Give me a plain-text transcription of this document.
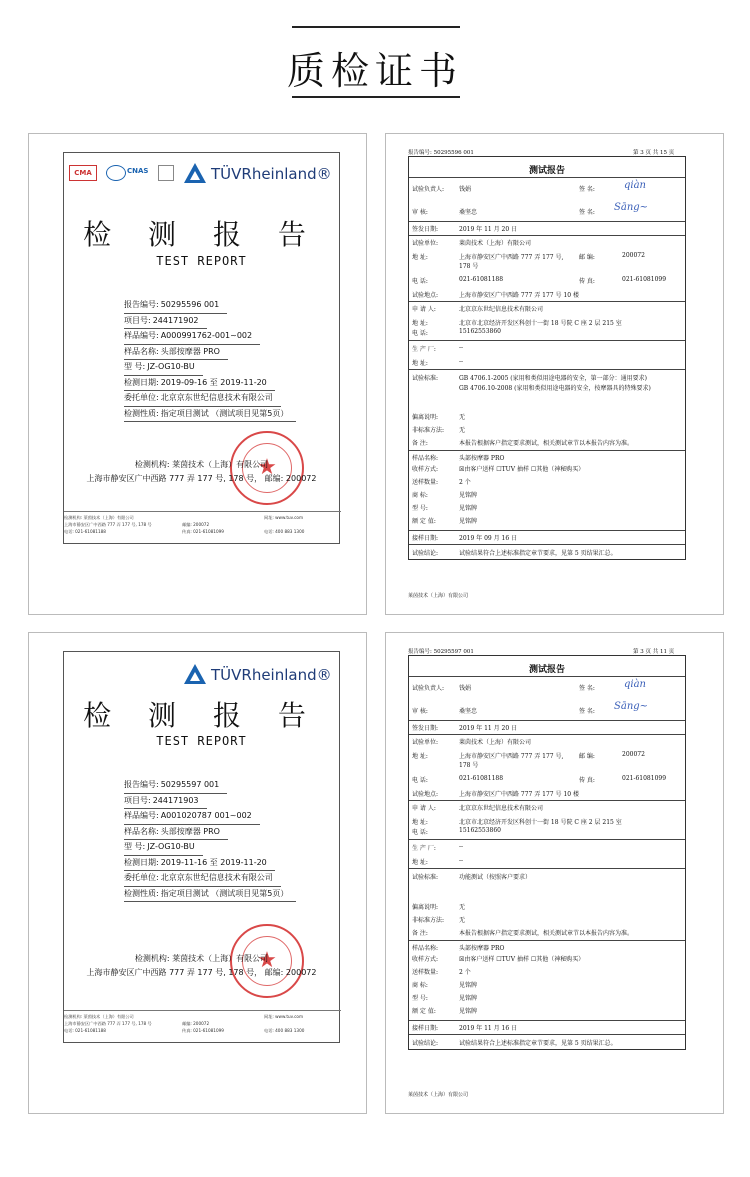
质检证书
CMA	CNAS	TÜVRheinland®
检 测 报 告
TEST REPORT
报告编号: 50295596 001
项目号: 244171902
样品编号: A000991762-001~002
样品名称: 头部按摩器 PRO
型 号: JZ-OG10-BU
检测日期: 2019-09-16 至 2019-11-20
委托单位: 北京京东世纪信息技术有限公司
检测性质: 指定项目测试 （测试项目见第5页）
★
检测机构: 莱茵技术（上海）有限公司
上海市静安区广中西路 777 弄 177 号, 178 号， 邮编: 200072
检测机构: 莱茵技术（上海）有限公司
上海市静安区广中西路 777 弄 177 号, 178 号
电话: 021-61081188
邮编: 200072
传真: 021-61081099
网址: www.tuv.com
电话: 400 883 1300
报告编号: 50295596 001	第 3 页 共 15 页
测试报告
试验负责人: 钱娟	签 名:	qiàn
审 核:	桑坚忠	签 名: Sāng~
签发日期:	2019 年 11 月 20 日
试验单位:	莱茵技术（上海）有限公司
地 址:	上海市静安区广中西路 777 弄 177 号,
178 号
邮 编:	200072
电 话:	021-61081188	传 真:	021-61081099
试验地点:	上海市静安区广中西路 777 弄 177 号 10 楼
申 请 人:	北京京东世纪信息技术有限公司
地 址:	北京市北京经济开发区科创十一街 18 号院 C 座 2 层 215 室
电 话:	15162553860
生 产 厂:	--
地 址:	--
试验标准:	GB 4706.1-2005 (家用和类似用途电器的安全，第一部分：通用要求)
GB 4706.10-2008 (家用和类似用途电器的安全，按摩器具的特殊要求)
偏离说明:	无
非标准方法: 无
备 注:	本报告根据客户指定要求测试，相关测试章节以本报告内容为准。
样品名称:	头部按摩器 PRO
收样方式:	☒由客户送样 ☐TUV 抽样 ☐其他（神秘购买）
送样数量:	2 个
商 标:	见铭牌
型 号:	见铭牌
额 定 值:	见铭牌
接样日期:	2019 年 09 月 16 日
试验结论:	试验结果符合上述标准指定章节要求，见第 5 页结果汇总。
莱茵技术（上海）有限公司
TÜVRheinland®
检 测 报 告
TEST REPORT
报告编号: 50295597 001
项目号: 244171903
样品编号: A001020787 001~002
样品名称: 头部按摩器 PRO
型 号: JZ-OG10-BU
检测日期: 2019-11-16 至 2019-11-20
委托单位: 北京京东世纪信息技术有限公司
检测性质: 指定项目测试 （测试项目见第5页）
★
检测机构: 莱茵技术（上海）有限公司
上海市静安区广中西路 777 弄 177 号, 178 号， 邮编: 200072
检测机构: 莱茵技术（上海）有限公司
上海市静安区广中西路 777 弄 177 号, 178 号
电话: 021-61081188
邮编: 200072
传真: 021-61081099
网址: www.tuv.com
电话: 400 883 1300
报告编号: 50295597 001	第 3 页 共 11 页
测试报告
试验负责人: 钱娟	签 名:	qiàn
审 核:	桑坚忠	签 名: Sāng~
签发日期:	2019 年 11 月 20 日
试验单位:	莱茵技术（上海）有限公司
地 址:	上海市静安区广中西路 777 弄 177 号,
178 号
邮 编:	200072
电 话:	021-61081188	传 真:	021-61081099
试验地点:	上海市静安区广中西路 777 弄 177 号 10 楼
申 请 人:	北京京东世纪信息技术有限公司
地 址:	北京市北京经济开发区科创十一街 18 号院 C 座 2 层 215 室
电 话:	15162553860
生 产 厂:	--
地 址:	--
试验标准:	功能测试（按照客户要求）
偏离说明:	无
非标准方法: 无
备 注:	本报告根据客户指定要求测试，相关测试章节以本报告内容为准。
样品名称:	头部按摩器 PRO
收样方式:	☒由客户送样 ☐TUV 抽样 ☐其他（神秘购买）
送样数量:	2 个
商 标:	见铭牌
型 号:	见铭牌
额 定 值:	见铭牌
接样日期:	2019 年 11 月 16 日
试验结论:	试验结果符合上述标准指定章节要求，见第 5 页结果汇总。
莱茵技术（上海）有限公司
